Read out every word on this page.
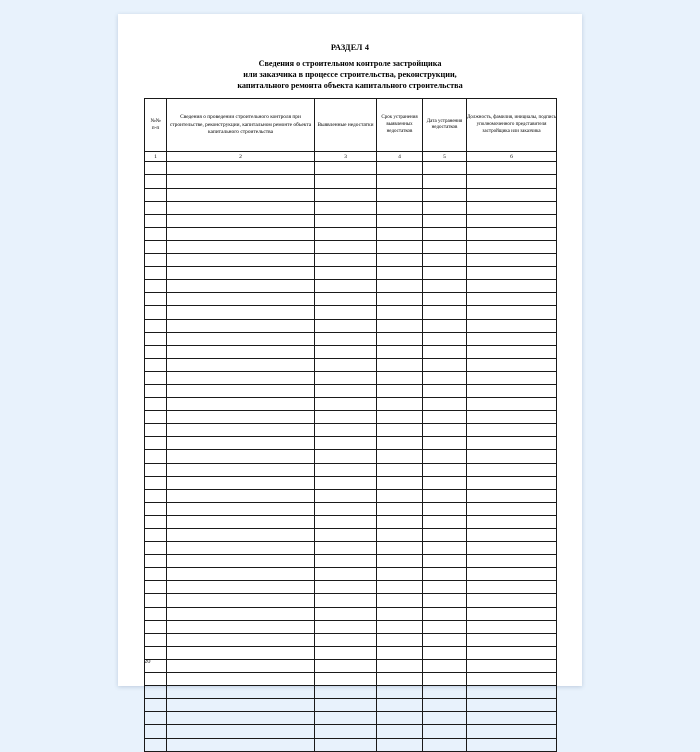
РАЗДЕЛ 4
Сведения о строительном контроле застройщика
или заказчика в процессе строительства, реконструкции,
капитального ремонта объекта капитального строительства
№№
п-п	Сведения о проведении строительного контроля при строительстве, реконструкции, капитальном ремонте объекта капитального строительства	Выявленные недостатки	Срок устранения выявленных недостатков	Дата устранения недостатков	Должность, фамилия, инициалы, подпись уполномоченного представителя застройщика или заказчика
1	2	3	4	5	6

20
